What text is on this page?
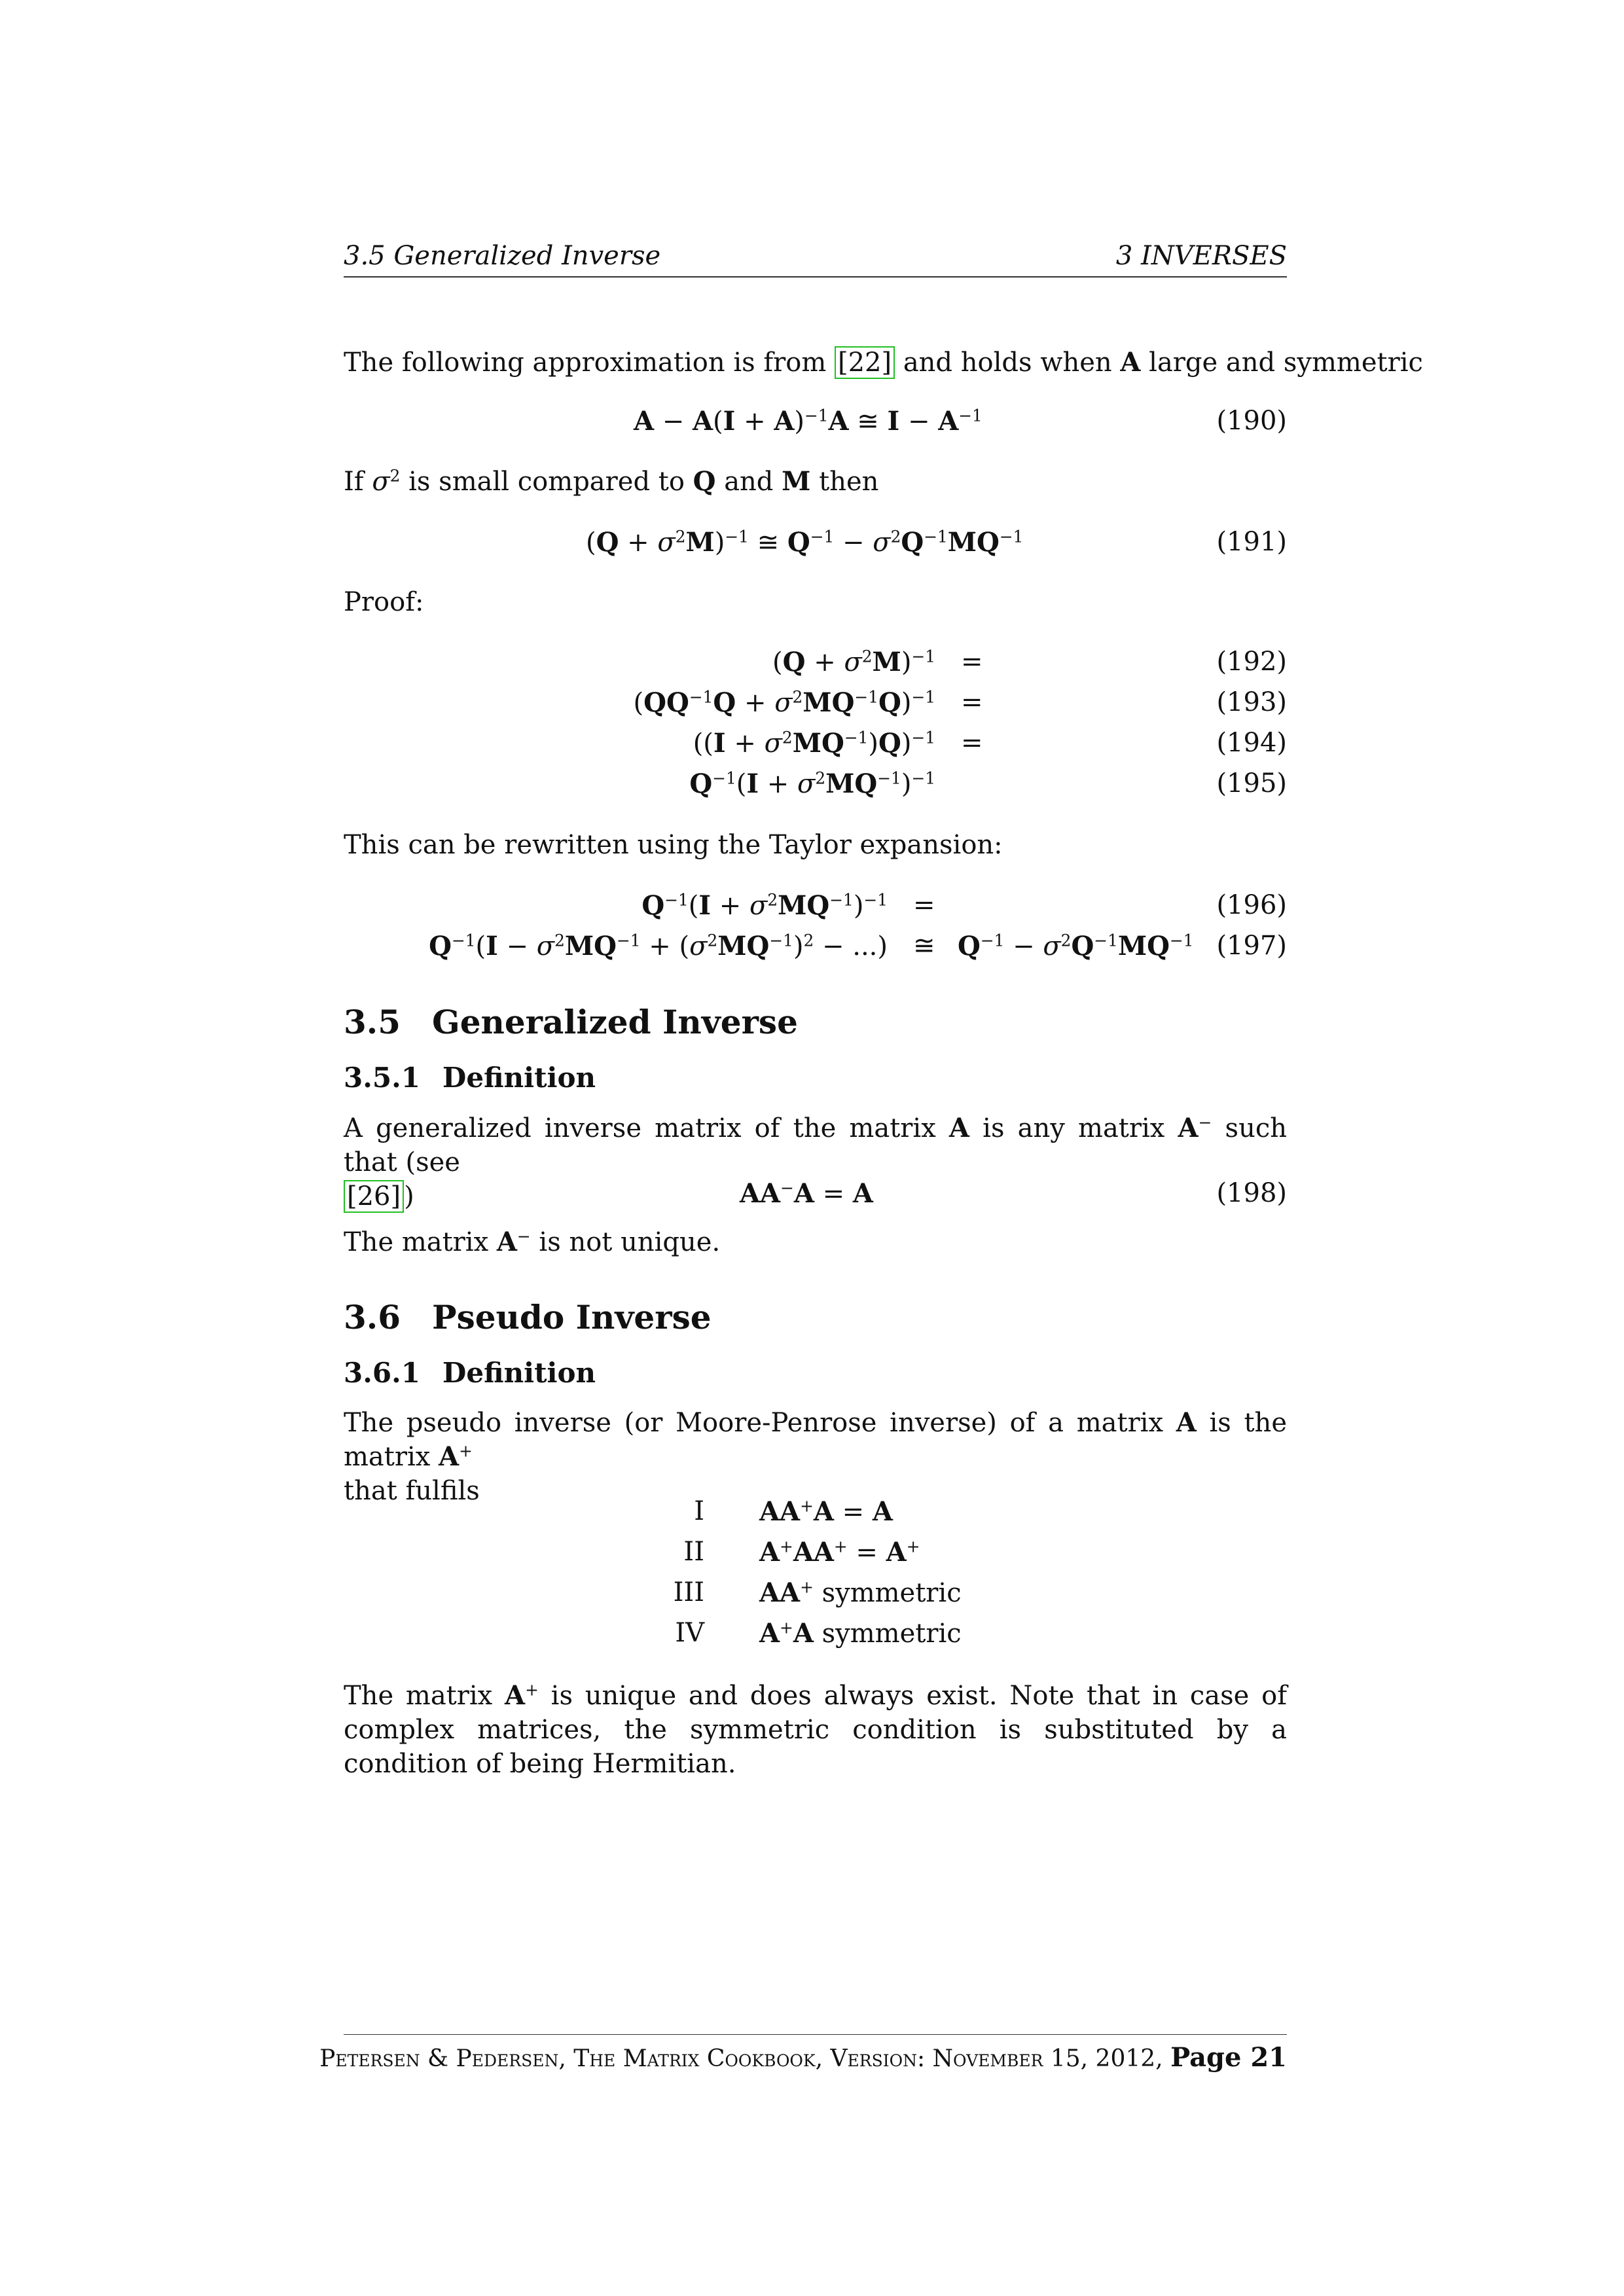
3.5 Generalized Inverse	3 INVERSES
The following approximation is from [22] and holds when A large and symmetric
$A - A(I + A)^{-1}A$ ≅ $I - A^{-1}$	(190)
If $\sigma^2$ is small compared to Q and M then
$(Q + \sigma^2M)^{-1}$ ≅ $Q^{-1} - \sigma^2Q^{-1}MQ^{-1}$	(191)
Proof:
$(Q + \sigma^2M)^{-1}$ =	(192)
$(QQ^{-1}Q + \sigma^2MQ^{-1}Q)^{-1}$ =	(193)
$((I + \sigma^2MQ^{-1})Q)^{-1}$ =	(194)
$Q^{-1}(I + \sigma^2MQ^{-1})^{-1}$	(195)
This can be rewritten using the Taylor expansion:
$Q^{-1}(I + \sigma^2MQ^{-1})^{-1}$ =	(196)
$Q^{-1}(I - \sigma^2MQ^{-1} + (\sigma^2MQ^{-1})^2$ − ...) ≅ $Q^{-1} - \sigma^2Q^{-1}MQ^{-1}$ (197)
3.5 Generalized Inverse
3.5.1 Definition
A generalized inverse matrix of the matrix A is any matrix A− such that (see
[26] )	AA−A = A	(198)
The matrix A− is not unique.
3.6 Pseudo Inverse
3.6.1 Definition
The pseudo inverse (or Moore-Penrose inverse) of a matrix A is the matrix A+
that fulfils
I AA+A = A
II A+AA+ = A+
III AA+ symmetric
IV A+A symmetric
The matrix A+ is unique and does always exist. Note that in case of complex matrices, the symmetric condition is substituted by a condition of being Hermitian.
Petersen & Pedersen, The Matrix Cookbook, Version: November 15, 2012, Page 21
